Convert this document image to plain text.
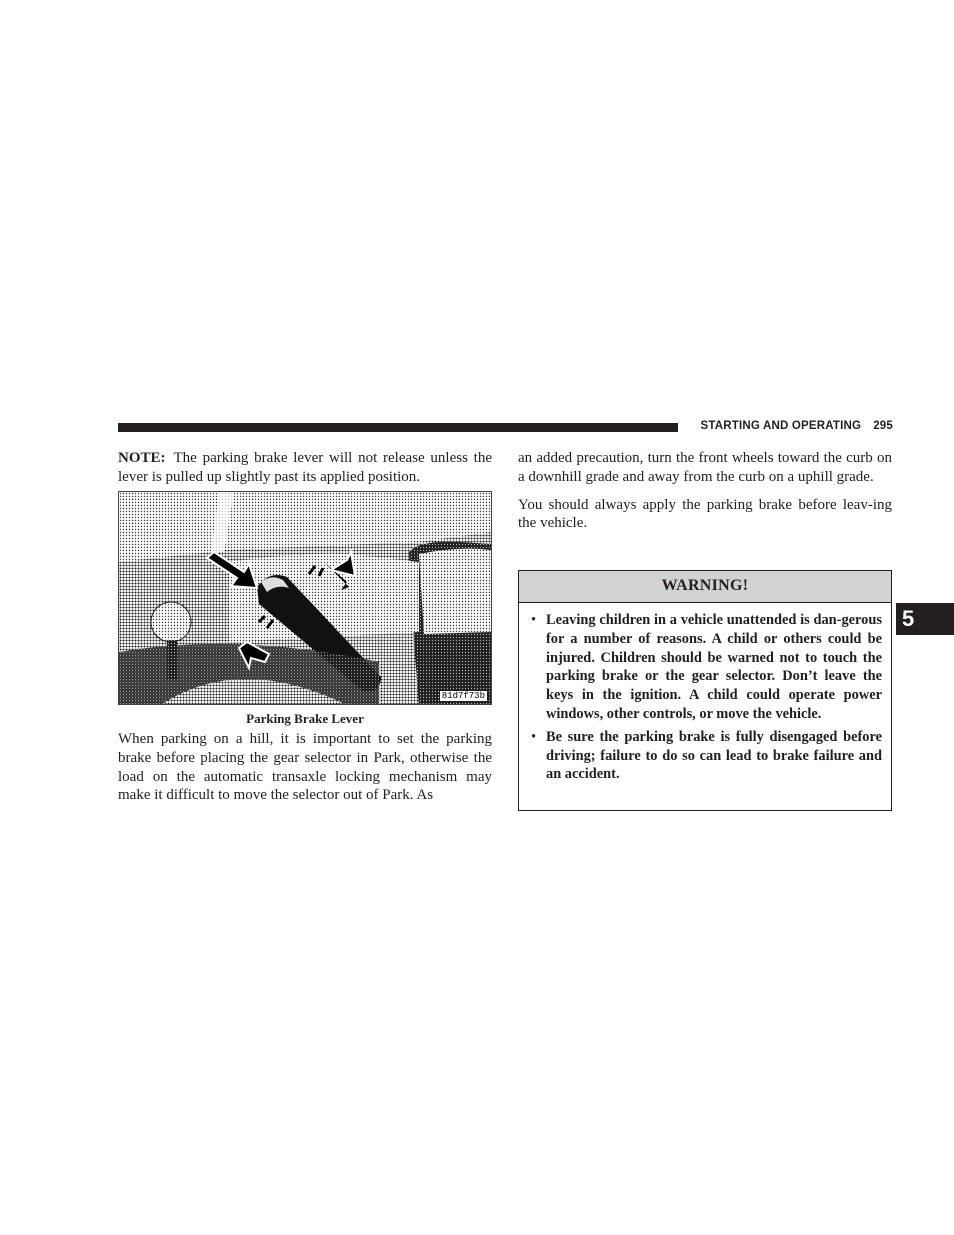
STARTING AND OPERATING 295

NOTE: The parking brake lever will not release unless the lever is pulled up slightly past its applied position.

81d7f73b
Parking Brake Lever
When parking on a hill, it is important to set the parking brake before placing the gear selector in Park, otherwise the load on the automatic transaxle locking mechanism may make it difficult to move the selector out of Park. As

an added precaution, turn the front wheels toward the curb on a downhill grade and away from the curb on a uphill grade.

You should always apply the parking brake before leav-ing the vehicle.

WARNING!
• Leaving children in a vehicle unattended is dan-gerous for a number of reasons. A child or others could be injured. Children should be warned not to touch the parking brake or the gear selector. Don’t leave the keys in the ignition. A child could operate power windows, other controls, or move the vehicle.
• Be sure the parking brake is fully disengaged before driving; failure to do so can lead to brake failure and an accident.
5
